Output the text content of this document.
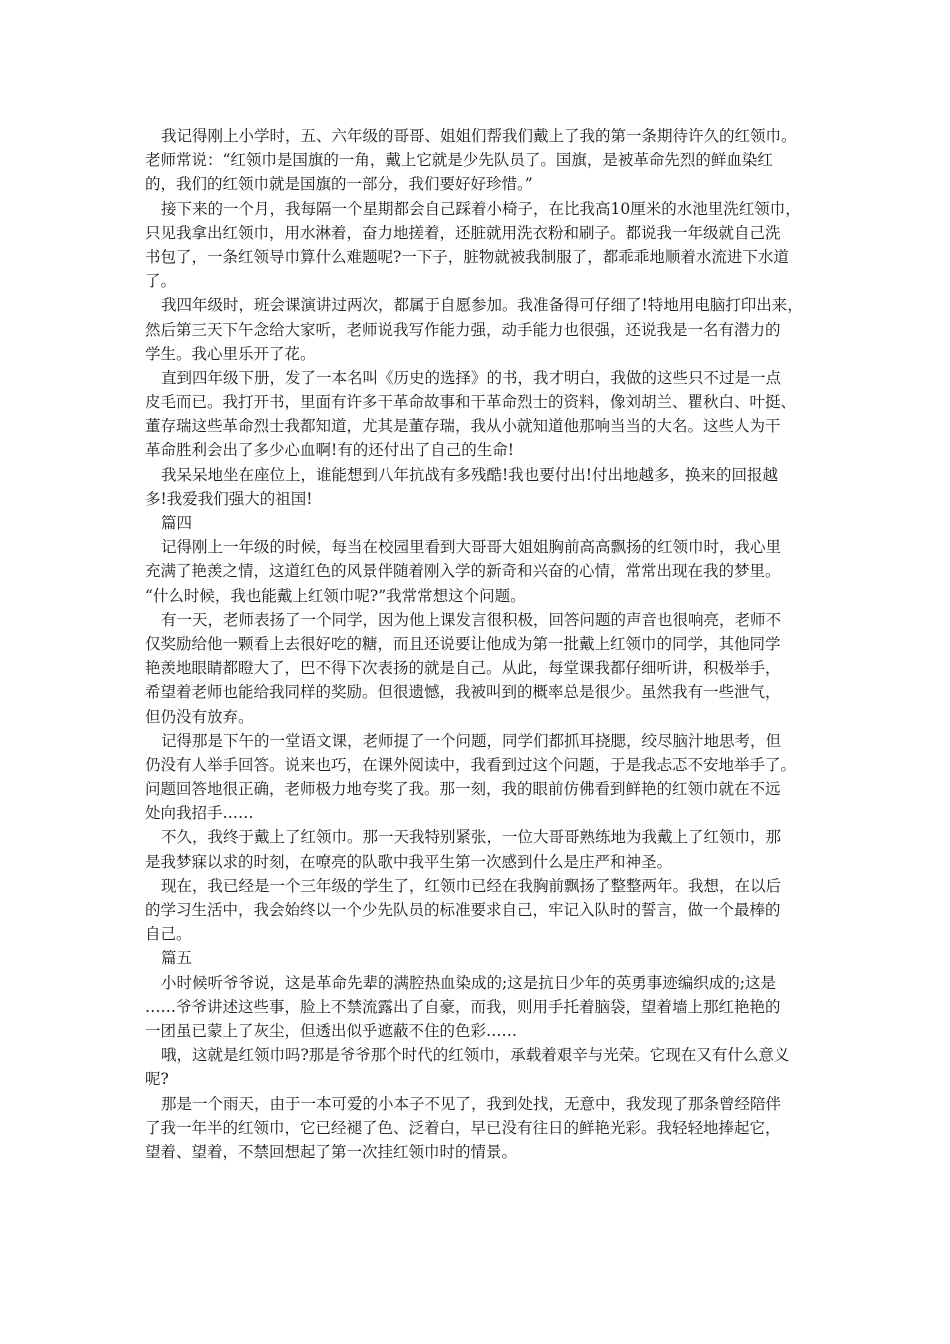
我记得刚上小学时，五、六年级的哥哥、姐姐们帮我们戴上了我的第一条期待许久的红领巾。
老师常说：“红领巾是国旗的一角，戴上它就是少先队员了。国旗，是被革命先烈的鲜血染红
的，我们的红领巾就是国旗的一部分，我们要好好珍惜。”
接下来的一个月，我每隔一个星期都会自己踩着小椅子，在比我高10厘米的水池里洗红领巾，
只见我拿出红领巾，用水淋着，奋力地搓着，还脏就用洗衣粉和刷子。都说我一年级就自己洗
书包了，一条红领导巾算什么难题呢?一下子，脏物就被我制服了，都乖乖地顺着水流进下水道
了。
我四年级时，班会课演讲过两次，都属于自愿参加。我准备得可仔细了!特地用电脑打印出来，
然后第三天下午念给大家听，老师说我写作能力强，动手能力也很强，还说我是一名有潜力的
学生。我心里乐开了花。
直到四年级下册，发了一本名叫《历史的选择》的书，我才明白，我做的这些只不过是一点
皮毛而已。我打开书，里面有许多干革命故事和干革命烈士的资料，像刘胡兰、瞿秋白、叶挺、
董存瑞这些革命烈士我都知道，尤其是董存瑞，我从小就知道他那响当当的大名。这些人为干
革命胜利会出了多少心血啊!有的还付出了自己的生命!
我呆呆地坐在座位上，谁能想到八年抗战有多残酷!我也要付出!付出地越多，换来的回报越
多!我爱我们强大的祖国!
篇四
记得刚上一年级的时候，每当在校园里看到大哥哥大姐姐胸前高高飘扬的红领巾时，我心里
充满了艳羡之情，这道红色的风景伴随着刚入学的新奇和兴奋的心情，常常出现在我的梦里。
“什么时候，我也能戴上红领巾呢?”我常常想这个问题。
有一天，老师表扬了一个同学，因为他上课发言很积极，回答问题的声音也很响亮，老师不
仅奖励给他一颗看上去很好吃的糖，而且还说要让他成为第一批戴上红领巾的同学，其他同学
艳羡地眼睛都瞪大了，巴不得下次表扬的就是自己。从此，每堂课我都仔细听讲，积极举手，
希望着老师也能给我同样的奖励。但很遗憾，我被叫到的概率总是很少。虽然我有一些泄气，
但仍没有放弃。
记得那是下午的一堂语文课，老师提了一个问题，同学们都抓耳挠腮，绞尽脑汁地思考，但
仍没有人举手回答。说来也巧，在课外阅读中，我看到过这个问题，于是我忐忑不安地举手了。
问题回答地很正确，老师极力地夸奖了我。那一刻，我的眼前仿佛看到鲜艳的红领巾就在不远
处向我招手……
不久，我终于戴上了红领巾。那一天我特别紧张，一位大哥哥熟练地为我戴上了红领巾，那
是我梦寐以求的时刻，在嘹亮的队歌中我平生第一次感到什么是庄严和神圣。
现在，我已经是一个三年级的学生了，红领巾已经在我胸前飘扬了整整两年。我想，在以后
的学习生活中，我会始终以一个少先队员的标准要求自己，牢记入队时的誓言，做一个最棒的
自己。
篇五
小时候听爷爷说，这是革命先辈的满腔热血染成的;这是抗日少年的英勇事迹编织成的;这是
……爷爷讲述这些事，脸上不禁流露出了自豪，而我，则用手托着脑袋，望着墙上那红艳艳的
一团虽已蒙上了灰尘，但透出似乎遮蔽不住的色彩……
哦，这就是红领巾吗?那是爷爷那个时代的红领巾，承载着艰辛与光荣。它现在又有什么意义
呢?
那是一个雨天，由于一本可爱的小本子不见了，我到处找，无意中，我发现了那条曾经陪伴
了我一年半的红领巾，它已经褪了色、泛着白，早已没有往日的鲜艳光彩。我轻轻地捧起它，
望着、望着，不禁回想起了第一次挂红领巾时的情景。
